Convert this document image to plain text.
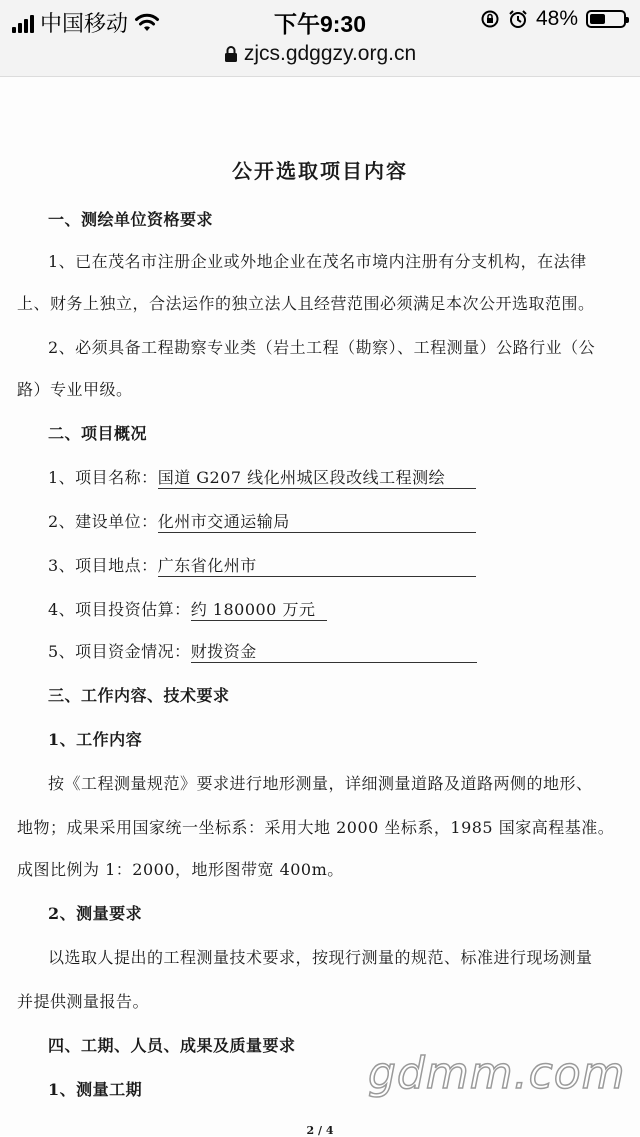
中国移动	下午9:30	48%
zjcs.gdggzy.org.cn
公开选取项目内容
一、测绘单位资格要求
1、已在茂名市注册企业或外地企业在茂名市境内注册有分支机构，在法律
上、财务上独立，合法运作的独立法人且经营范围必须满足本次公开选取范围。
2、必须具备工程勘察专业类（岩土工程（勘察）、工程测量）公路行业（公
路）专业甲级。
二、项目概况
1、项目名称：国道 G207 线化州城区段改线工程测绘
2、建设单位：化州市交通运输局
3、项目地点：广东省化州市
4、项目投资估算：约 180000 万元
5、项目资金情况：财拨资金
三、工作内容、技术要求
1、工作内容
按《工程测量规范》要求进行地形测量，详细测量道路及道路两侧的地形、
地物；成果采用国家统一坐标系：采用大地 2000 坐标系，1985 国家高程基准。
成图比例为 1：2000，地形图带宽 400m。
2、测量要求
以选取人提出的工程测量技术要求，按现行测量的规范、标准进行现场测量
并提供测量报告。
四、工期、人员、成果及质量要求
1、测量工期	gdmm.com
2 / 4
